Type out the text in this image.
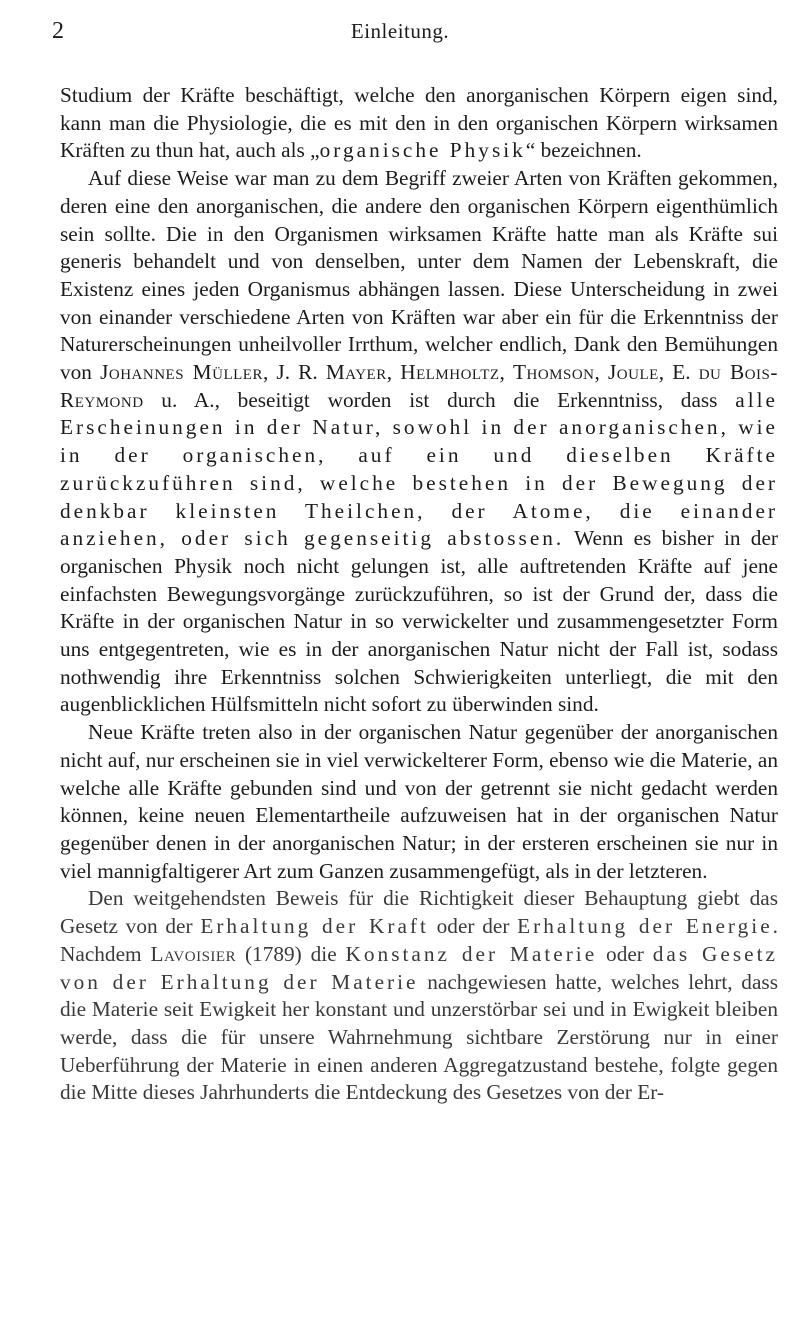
2	Einleitung.

Studium der Kräfte beschäftigt, welche den anorganischen Körpern eigen sind, kann man die Physiologie, die es mit den in den organischen Körpern wirksamen Kräften zu thun hat, auch als „organische Physik“ bezeichnen.

Auf diese Weise war man zu dem Begriff zweier Arten von Kräften gekommen, deren eine den anorganischen, die andere den organischen Körpern eigenthümlich sein sollte. Die in den Organismen wirksamen Kräfte hatte man als Kräfte sui generis behandelt und von denselben, unter dem Namen der Lebenskraft, die Existenz eines jeden Organismus abhängen lassen. Diese Unterscheidung in zwei von einander verschiedene Arten von Kräften war aber ein für die Erkenntniss der Naturerscheinungen unheilvoller Irrthum, welcher endlich, Dank den Bemühungen von Johannes Müller, J. R. Mayer, Helmholtz, Thomson, Joule, E. du Bois-Reymond u. A., beseitigt worden ist durch die Erkenntniss, dass alle Erscheinungen in der Natur, sowohl in der anorganischen, wie in der organischen, auf ein und dieselben Kräfte zurückzuführen sind, welche bestehen in der Bewegung der denkbar kleinsten Theilchen, der Atome, die einander anziehen, oder sich gegenseitig abstossen. Wenn es bisher in der organischen Physik noch nicht gelungen ist, alle auftretenden Kräfte auf jene einfachsten Bewegungsvorgänge zurückzuführen, so ist der Grund der, dass die Kräfte in der organischen Natur in so verwickelter und zusammengesetzter Form uns entgegentreten, wie es in der anorganischen Natur nicht der Fall ist, sodass nothwendig ihre Erkenntniss solchen Schwierigkeiten unterliegt, die mit den augenblicklichen Hülfsmitteln nicht sofort zu überwinden sind.

Neue Kräfte treten also in der organischen Natur gegenüber der anorganischen nicht auf, nur erscheinen sie in viel verwickelterer Form, ebenso wie die Materie, an welche alle Kräfte gebunden sind und von der getrennt sie nicht gedacht werden können, keine neuen Elementartheile aufzuweisen hat in der organischen Natur gegenüber denen in der anorganischen Natur; in der ersteren erscheinen sie nur in viel mannigfaltigerer Art zum Ganzen zusammengefügt, als in der letzteren.

Den weitgehendsten Beweis für die Richtigkeit dieser Behauptung giebt das Gesetz von der Erhaltung der Kraft oder der Erhaltung der Energie. Nachdem Lavoisier (1789) die Konstanz der Materie oder das Gesetz von der Erhaltung der Materie nachgewiesen hatte, welches lehrt, dass die Materie seit Ewigkeit her konstant und unzerstörbar sei und in Ewigkeit bleiben werde, dass die für unsere Wahrnehmung sichtbare Zerstörung nur in einer Ueberführung der Materie in einen anderen Aggregatzustand bestehe, folgte gegen die Mitte dieses Jahrhunderts die Entdeckung des Gesetzes von der Er-
